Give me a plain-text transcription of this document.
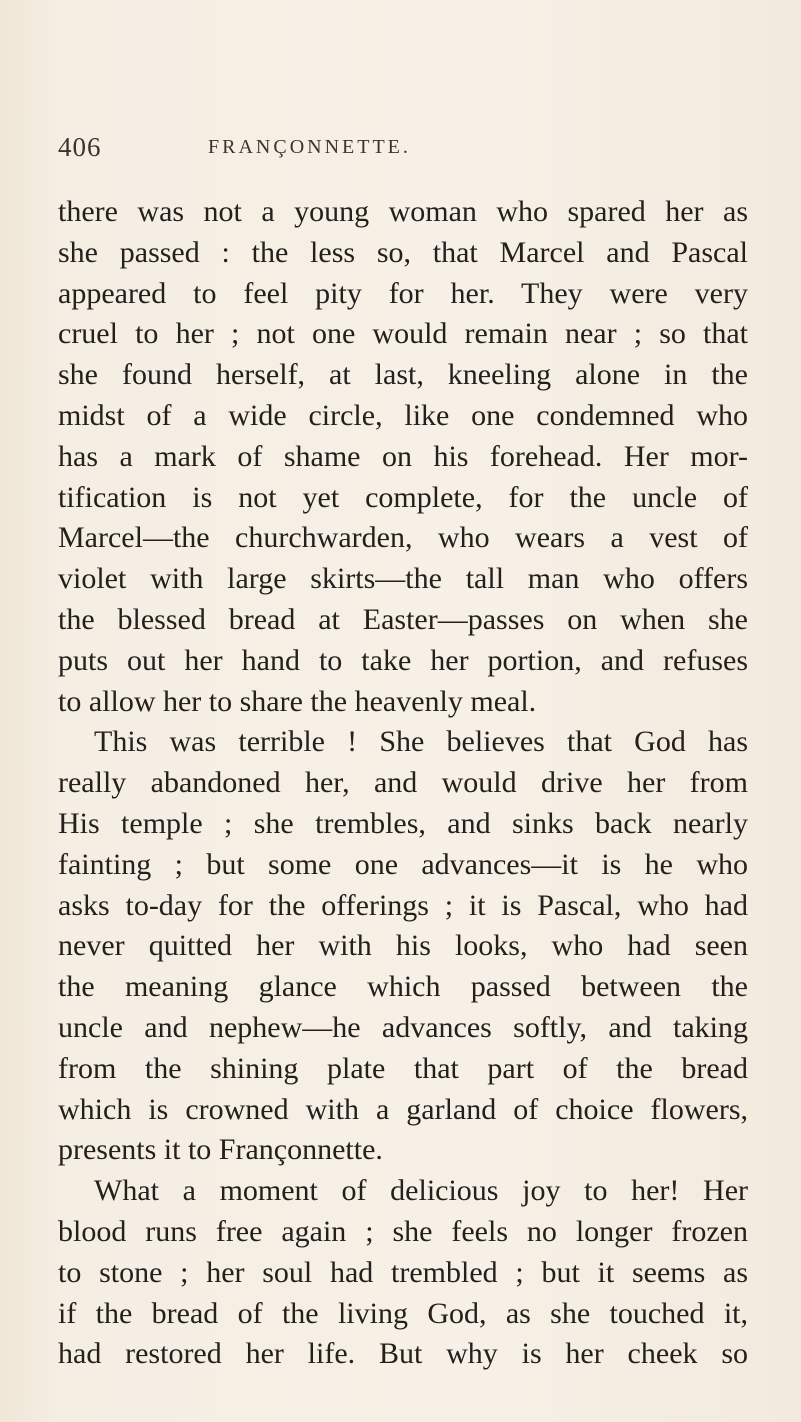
406	FRANÇONNETTE.
there was not a young woman who spared her as
she passed : the less so, that Marcel and Pascal
appeared to feel pity for her. They were very
cruel to her ; not one would remain near ; so that
she found herself, at last, kneeling alone in the
midst of a wide circle, like one condemned who
has a mark of shame on his forehead. Her mor-
tification is not yet complete, for the uncle of
Marcel—the churchwarden, who wears a vest of
violet with large skirts—the tall man who offers
the blessed bread at Easter—passes on when she
puts out her hand to take her portion, and refuses
to allow her to share the heavenly meal.
This was terrible ! She believes that God has
really abandoned her, and would drive her from
His temple ; she trembles, and sinks back nearly
fainting ; but some one advances—it is he who
asks to-day for the offerings ; it is Pascal, who had
never quitted her with his looks, who had seen
the meaning glance which passed between the
uncle and nephew—he advances softly, and taking
from the shining plate that part of the bread
which is crowned with a garland of choice flowers,
presents it to Françonnette.
What a moment of delicious joy to her! Her
blood runs free again ; she feels no longer frozen
to stone ; her soul had trembled ; but it seems as
if the bread of the living God, as she touched it,
had restored her life. But why is her cheek so
